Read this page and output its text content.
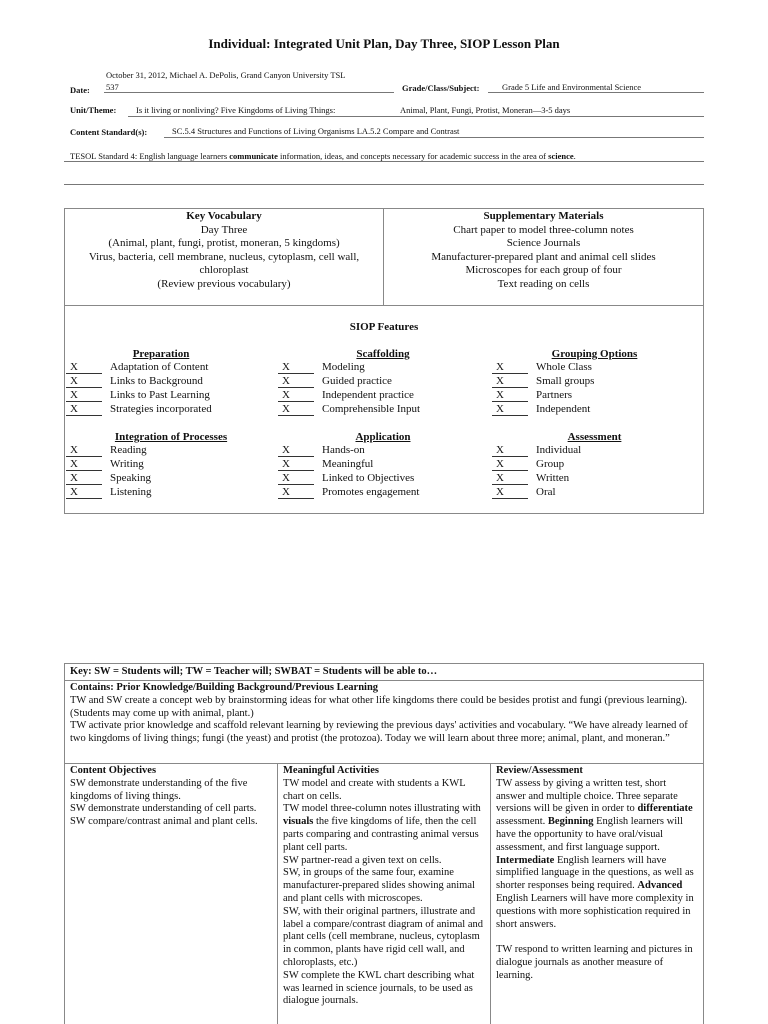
Individual: Integrated Unit Plan, Day Three, SIOP Lesson Plan
October 31, 2012, Michael A. DePolis, Grand Canyon University TSL
Date: 537	Grade/Class/Subject:	Grade 5 Life and Environmental Science
Unit/Theme: Is it living or nonliving? Five Kingdoms of Living Things:	Animal, Plant, Fungi, Protist, Moneran—3-5 days
Content Standard(s):	SC.5.4 Structures and Functions of Living Organisms LA.5.2 Compare and Contrast
TESOL Standard 4: English language learners communicate information, ideas, and concepts necessary for academic success in the area of science.
Key Vocabulary
Day Three
(Animal, plant, fungi, protist, moneran, 5 kingdoms)
Virus, bacteria, cell membrane, nucleus, cytoplasm, cell wall,
chloroplast
(Review previous vocabulary)
Supplementary Materials
Chart paper to model three-column notes
Science Journals
Manufacturer-prepared plant and animal cell slides
Microscopes for each group of four
Text reading on cells
SIOP Features
Preparation
X	Adaptation of Content
X	Links to Background
X	Links to Past Learning
X	Strategies incorporated
Scaffolding
X	Modeling
X	Guided practice
X	Independent practice
X	Comprehensible Input
Grouping Options
X	Whole Class
X	Small groups
X	Partners
X	Independent
Integration of Processes
X	Reading
X	Writing
X	Speaking
X	Listening
Application
X	Hands-on
X	Meaningful
X	Linked to Objectives
X	Promotes engagement
Assessment
X	Individual
X	Group
X	Written
X	Oral
Key: SW = Students will; TW = Teacher will; SWBAT = Students will be able to…
Contains: Prior Knowledge/Building Background/Previous Learning
TW and SW create a concept web by brainstorming ideas for what other life kingdoms there could be besides protist and fungi (previous learning). (Students may come up with animal, plant.)
TW activate prior knowledge and scaffold relevant learning by reviewing the previous days' activities and vocabulary. “We have already learned of two kingdoms of living things; fungi (the yeast) and protist (the protozoa). Today we will learn about three more; animal, plant, and moneran.”
Content Objectives

SW demonstrate understanding of the five kingdoms of living things.

SW demonstrate understanding of cell parts.

SW compare/contrast animal and plant cells.

Meaningful Activities

TW model and create with students a KWL chart on cells.

TW model three-column notes illustrating with visuals the five kingdoms of life, then the cell parts comparing and contrasting animal versus plant cell parts.

SW partner-read a given text on cells.

SW, in groups of the same four, examine manufacturer-prepared slides showing animal and plant cells with microscopes.

SW, with their original partners, illustrate and label a compare/contrast diagram of animal and plant cells (cell membrane, nucleus, cytoplasm in common, plants have rigid cell wall, and chloroplasts, etc.)

SW complete the KWL chart describing what was learned in science journals, to be used as dialogue journals.

Review/Assessment

TW assess by giving a written test, short answer and multiple choice. Three separate versions will be given in order to differentiate assessment. Beginning English learners will have the opportunity to have oral/visual assessment, and first language support. Intermediate English learners will have simplified language in the questions, as well as shorter responses being required. Advanced English Learners will have more complexity in questions with more sophistication required in short answers.

TW respond to written learning and pictures in dialogue journals as another measure of learning.
